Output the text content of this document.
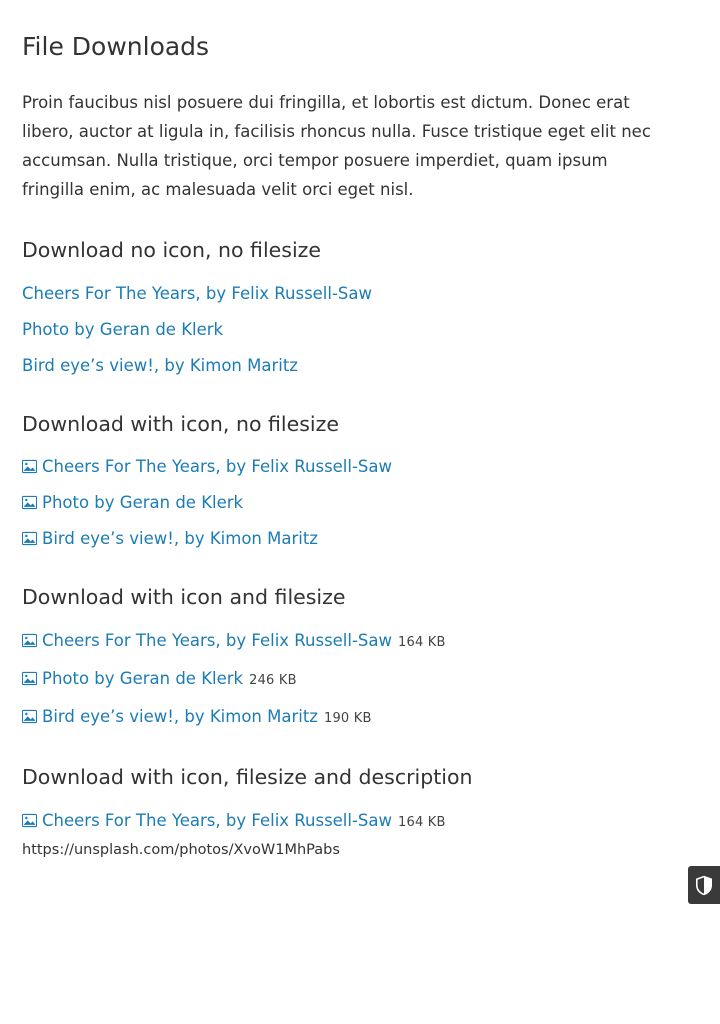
File Downloads

Proin faucibus nisl posuere dui fringilla, et lobortis est dictum. Donec erat libero, auctor at ligula in, facilisis rhoncus nulla. Fusce tristique eget elit nec accumsan. Nulla tristique, orci tempor posuere imperdiet, quam ipsum fringilla enim, ac malesuada velit orci eget nisl.

Download no icon, no filesize
Cheers For The Years, by Felix Russell-Saw
Photo by Geran de Klerk
Bird eye’s view!, by Kimon Maritz
Download with icon, no filesize
Cheers For The Years, by Felix Russell-Saw
Photo by Geran de Klerk
Bird eye’s view!, by Kimon Maritz
Download with icon and filesize
Cheers For The Years, by Felix Russell-Saw 164 KB
Photo by Geran de Klerk 246 KB
Bird eye’s view!, by Kimon Maritz 190 KB
Download with icon, filesize and description
Cheers For The Years, by Felix Russell-Saw 164 KB
https://unsplash.com/photos/XvoW1MhPabs
